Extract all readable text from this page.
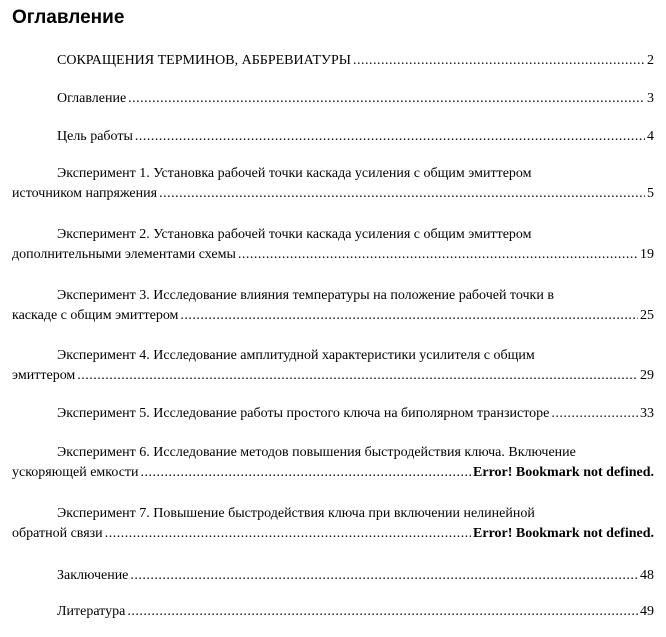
Оглавление
СОКРАЩЕНИЯ ТЕРМИНОВ, АББРЕВИАТУРЫ .....	2
Оглавление .....	3
Цель работы .....	4
Эксперимент 1. Установка рабочей точки каскада усиления с общим эмиттером
источником напряжения .....	5
Эксперимент 2. Установка рабочей точки каскада усиления с общим эмиттером
дополнительными элементами схемы .....	19
Эксперимент 3. Исследование влияния температуры на положение рабочей точки в
каскаде с общим эмиттером .....	25
Эксперимент 4. Исследование амплитудной характеристики усилителя с общим
эмиттером .....	29
Эксперимент 5. Исследование работы простого ключа на биполярном транзисторе .....	33
Эксперимент 6. Исследование методов повышения быстродействия ключа. Включение
ускоряющей емкости .....	Error! Bookmark not defined.
Эксперимент 7. Повышение быстродействия ключа при включении нелинейной
обратной связи .....	Error! Bookmark not defined.
Заключение .....	48
Литература .....	49
